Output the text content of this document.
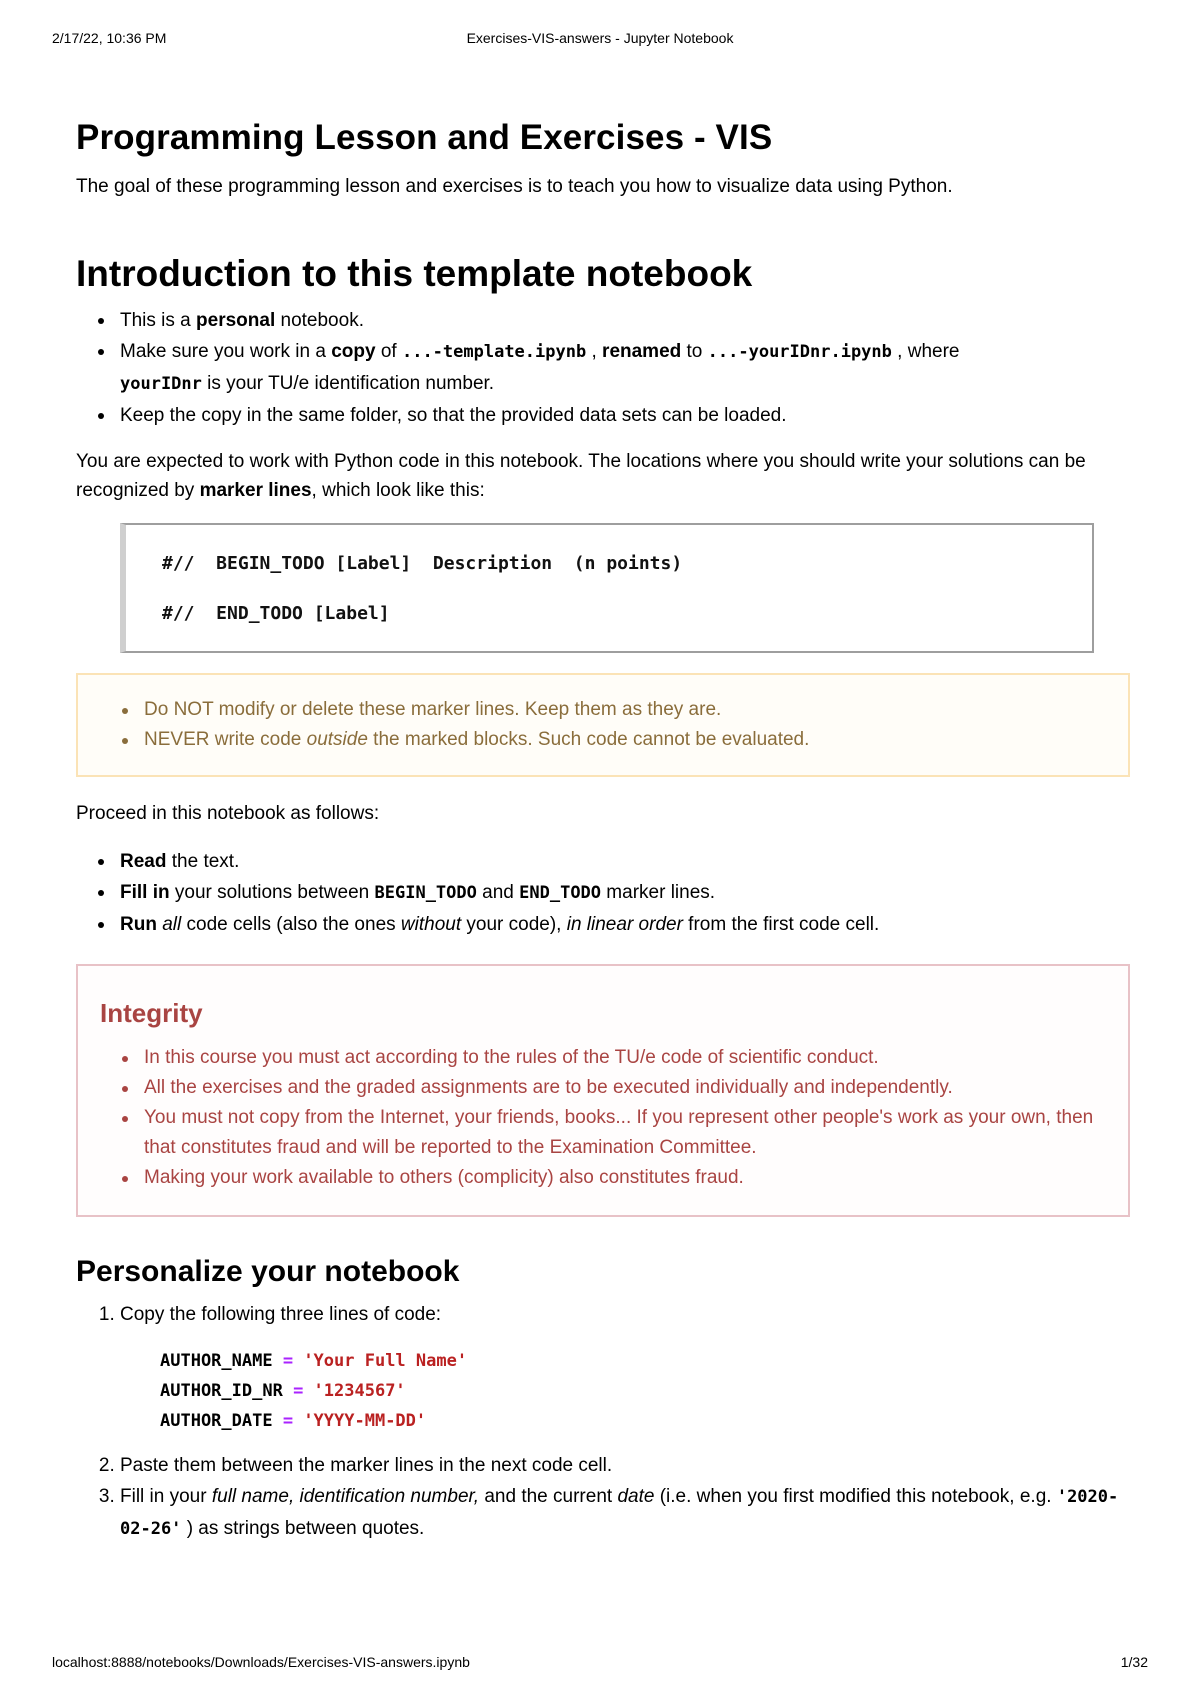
2/17/22, 10:36 PM	Exercises-VIS-answers - Jupyter Notebook
Programming Lesson and Exercises - VIS

The goal of these programming lesson and exercises is to teach you how to visualize data using Python.

Introduction to this template notebook
This is a personal notebook.
Make sure you work in a copy of ...-template.ipynb , renamed to ...-yourIDnr.ipynb , where
yourIDnr is your TU/e identification number.
Keep the copy in the same folder, so that the provided data sets can be loaded.

You are expected to work with Python code in this notebook. The locations where you should write your solutions can be recognized by marker lines, which look like this:

#//  BEGIN_TODO [Label]  Description  (n points)
#//  END_TODO [Label]
Do NOT modify or delete these marker lines. Keep them as they are.
NEVER write code outside the marked blocks. Such code cannot be evaluated.

Proceed in this notebook as follows:

Read the text.
Fill in your solutions between BEGIN_TODO and END_TODO marker lines.
Run all code cells (also the ones without your code), in linear order from the first code cell.
Integrity
In this course you must act according to the rules of the TU/e code of scientific conduct.
All the exercises and the graded assignments are to be executed individually and independently.
You must not copy from the Internet, your friends, books... If you represent other people's work as your own, then that constitutes fraud and will be reported to the Examination Committee.
Making your work available to others (complicity) also constitutes fraud.
Personalize your notebook
1. Copy the following three lines of code:
AUTHOR_NAME = 'Your Full Name'
AUTHOR_ID_NR = '1234567'
AUTHOR_DATE = 'YYYY-MM-DD'
2. Paste them between the marker lines in the next code cell.
3. Fill in your full name, identification number, and the current date (i.e. when you first modified this notebook, e.g. '2020-02-26' ) as strings between quotes.
localhost:8888/notebooks/Downloads/Exercises-VIS-answers.ipynb	1/32
